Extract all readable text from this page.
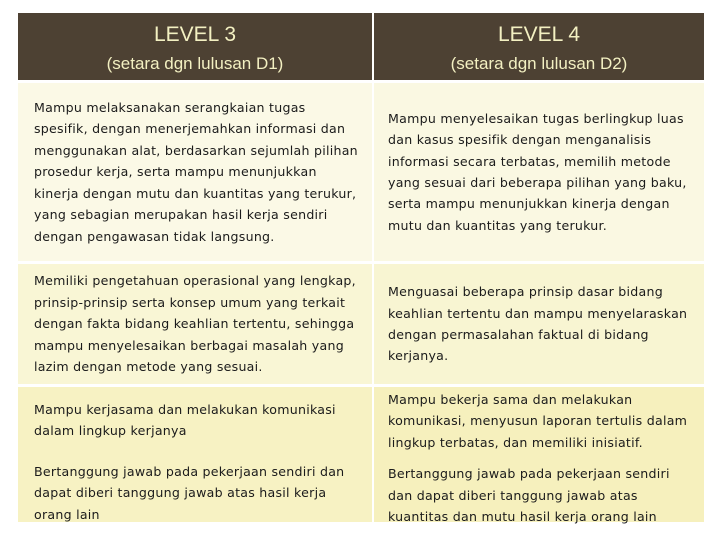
LEVEL 3
(setara dgn lulusan D1)
LEVEL 4
(setara dgn lulusan D2)
Mampu melaksanakan serangkaian tugas spesifik, dengan menerjemahkan informasi dan menggunakan alat, berdasarkan sejumlah pilihan prosedur kerja, serta mampu menunjukkan kinerja dengan mutu dan kuantitas yang terukur, yang sebagian merupakan hasil kerja sendiri dengan pengawasan tidak langsung.
Mampu menyelesaikan tugas berlingkup luas dan kasus spesifik dengan menganalisis informasi secara terbatas, memilih metode yang sesuai dari beberapa pilihan yang baku, serta mampu menunjukkan kinerja dengan mutu dan kuantitas yang terukur.
Memiliki pengetahuan operasional yang lengkap, prinsip-prinsip serta konsep umum yang terkait dengan fakta bidang keahlian tertentu, sehingga mampu menyelesaikan berbagai masalah yang lazim dengan metode yang sesuai.
Menguasai beberapa prinsip dasar bidang keahlian tertentu dan mampu menyelaraskan dengan permasalahan faktual di bidang kerjanya.

Mampu kerjasama dan melakukan komunikasi dalam lingkup kerjanya

Bertanggung jawab pada pekerjaan sendiri dan dapat diberi tanggung jawab atas hasil kerja orang lain

Mampu bekerja sama dan melakukan komunikasi, menyusun laporan tertulis dalam lingkup terbatas, dan memiliki inisiatif.

Bertanggung jawab pada pekerjaan sendiri dan dapat diberi tanggung jawab atas kuantitas dan mutu hasil kerja orang lain
